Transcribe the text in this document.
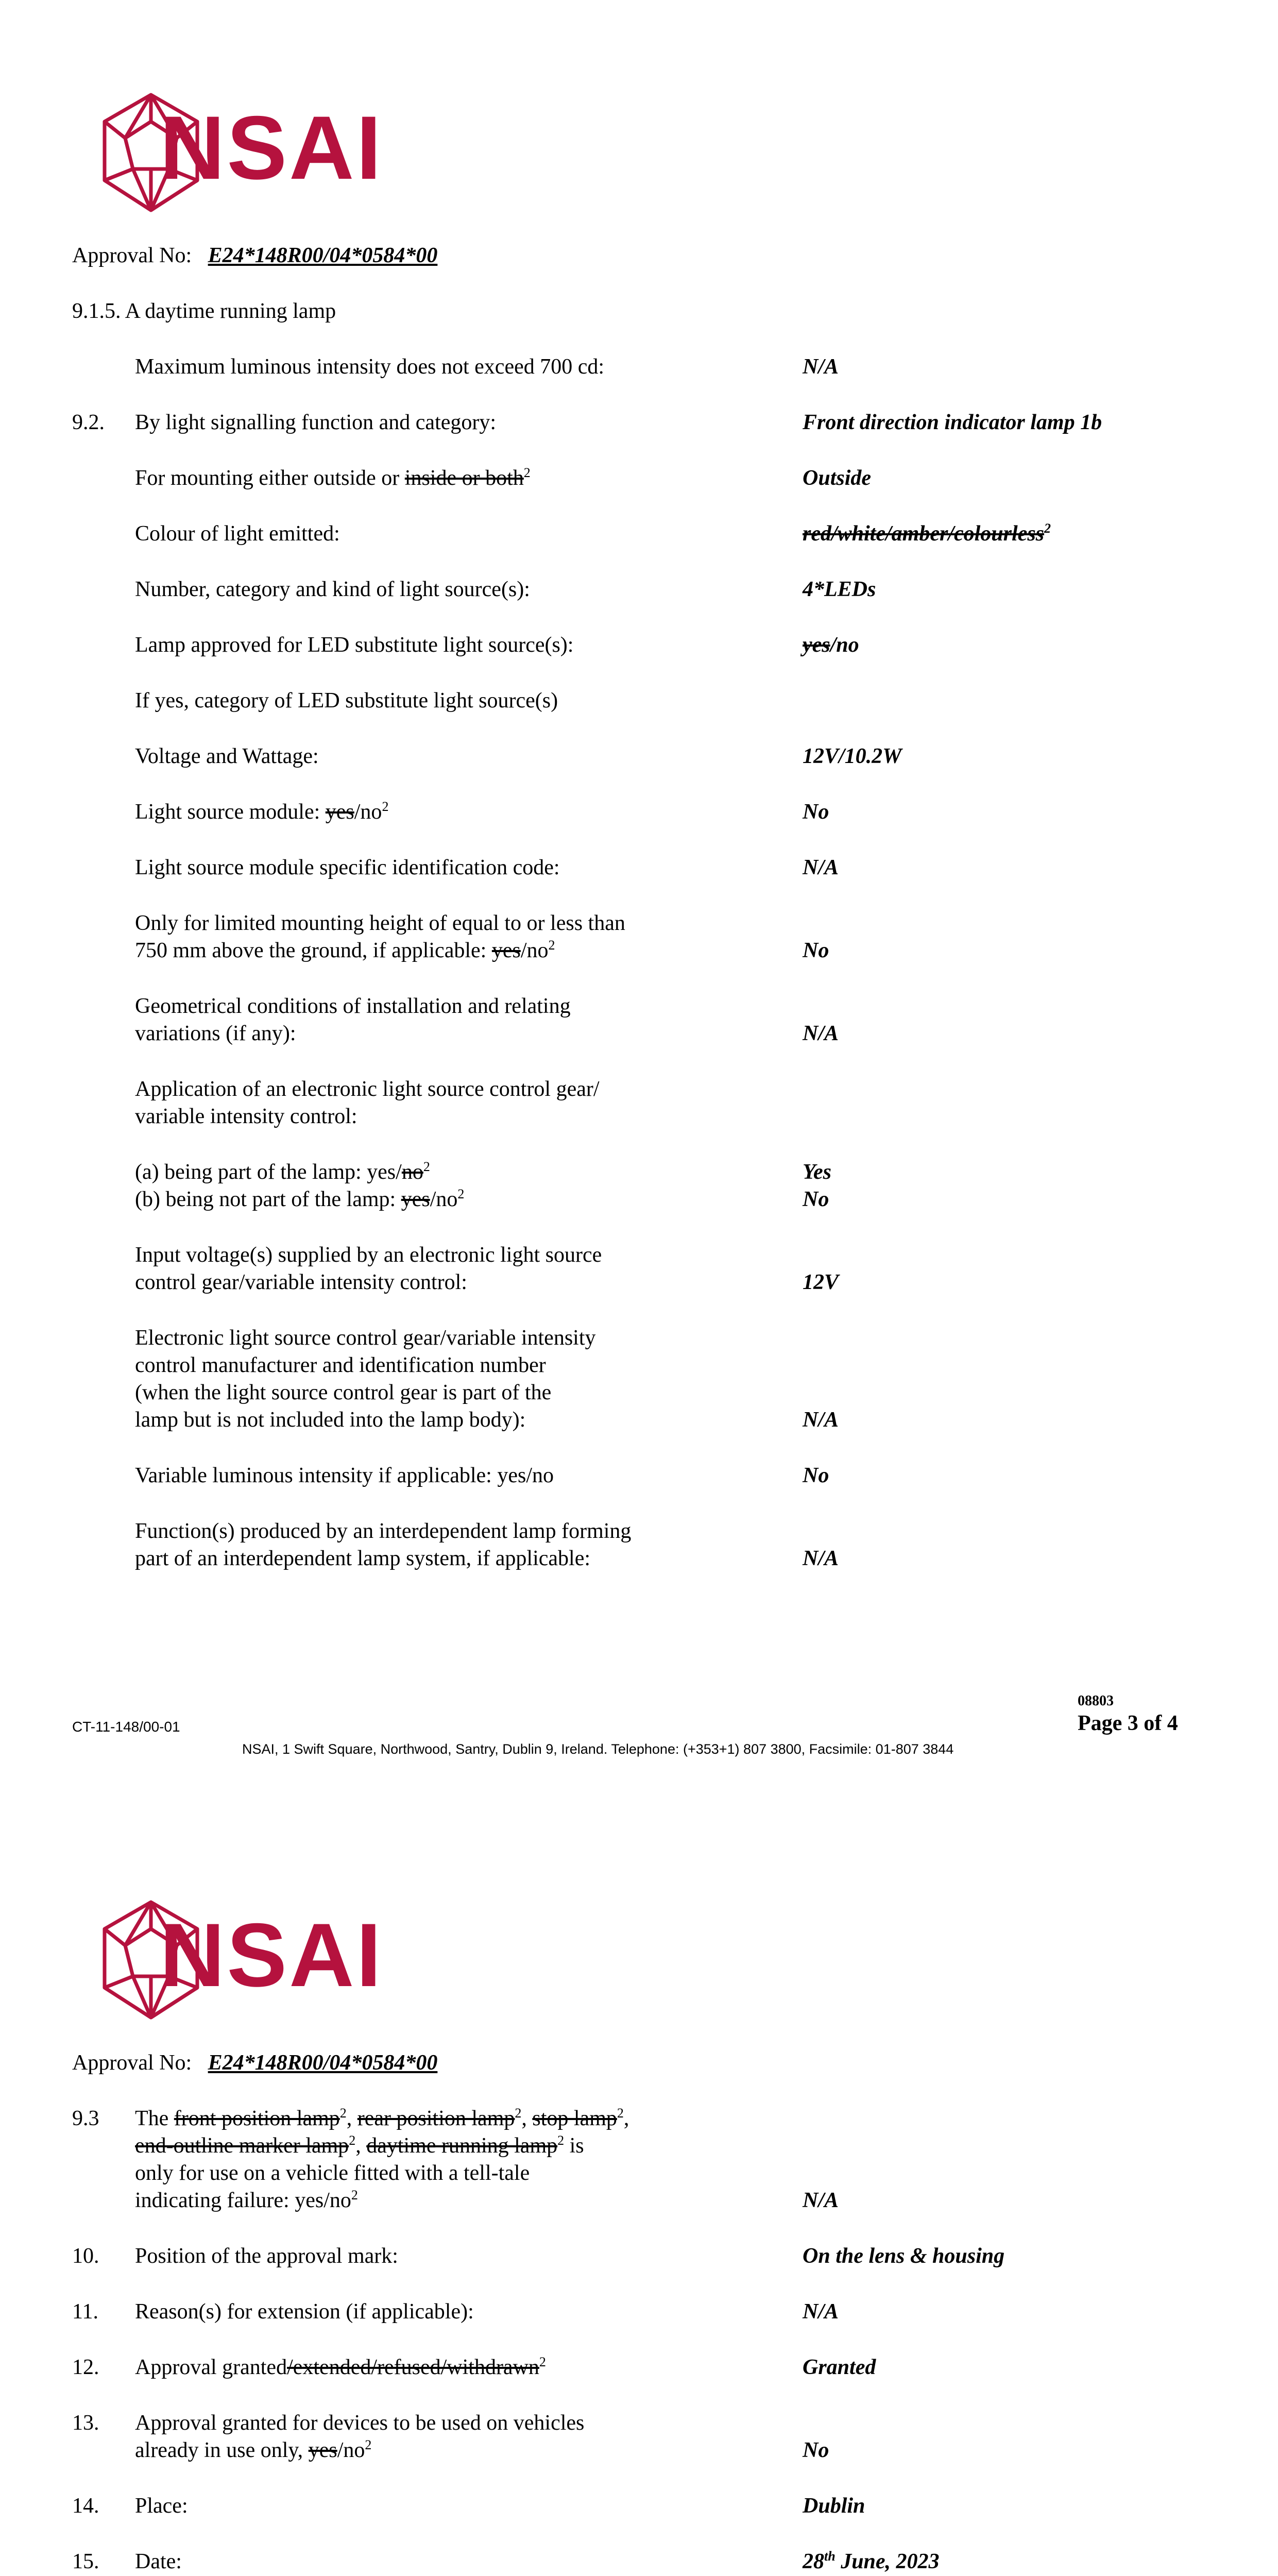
NSAI
Approval No: E24*148R00/04*0584*00
9.1.5. A daytime running lamp
Maximum luminous intensity does not exceed 700 cd:	N/A
9.2. By light signalling function and category:	Front direction indicator lamp 1b
For mounting either outside or inside or both$^2$	Outside
Colour of light emitted:	red/white/amber/colourless$^2$
Number, category and kind of light source(s):	4*LEDs
Lamp approved for LED substitute light source(s):	yes/no
If yes, category of LED substitute light source(s)
Voltage and Wattage:	12V/10.2W
Light source module: yes/$no^2$	No
Light source module specific identification code:	N/A
Only for limited mounting height of equal to or less than
750 mm above the ground, if applicable: yes/$no^2$	No
Geometrical conditions of installation and relating
variations (if any):	N/A
Application of an electronic light source control gear/
variable intensity control:
(a) being part of the lamp: yes/$no^2$	Yes
(b) being not part of the lamp: yes/$no^2$	No
Input voltage(s) supplied by an electronic light source
control gear/variable intensity control:	12V
Electronic light source control gear/variable intensity
control manufacturer and identification number
(when the light source control gear is part of the
lamp but is not included into the lamp body):	N/A
Variable luminous intensity if applicable: yes/no	No
Function(s) produced by an interdependent lamp forming
part of an interdependent lamp system, if applicable:	N/A
08803
CT-11-148/00-01	Page 3 of 4
NSAI, 1 Swift Square, Northwood, Santry, Dublin 9, Ireland. Telephone: (+353+1) 807 3800, Facsimile: 01-807 3844
NSAI
Approval No: E24*148R00/04*0584*00
9.3 The front position lamp$^2$, rear position lamp$^2$, stop lamp$^2$,
end-outline marker lamp$^2$, daytime running lamp$^2$ is
only for use on a vehicle fitted with a tell-tale
indicating failure: yes/$no^2$	N/A
10. Position of the approval mark:	On the lens & housing
11. Reason(s) for extension (if applicable):	N/A
12. Approval granted/extended/refused/withdrawn$^2$	Granted
13. Approval granted for devices to be used on vehicles
already in use only, yes/$no^2$	No
14. Place:	Dublin
15. Date:	28th June, 2023
